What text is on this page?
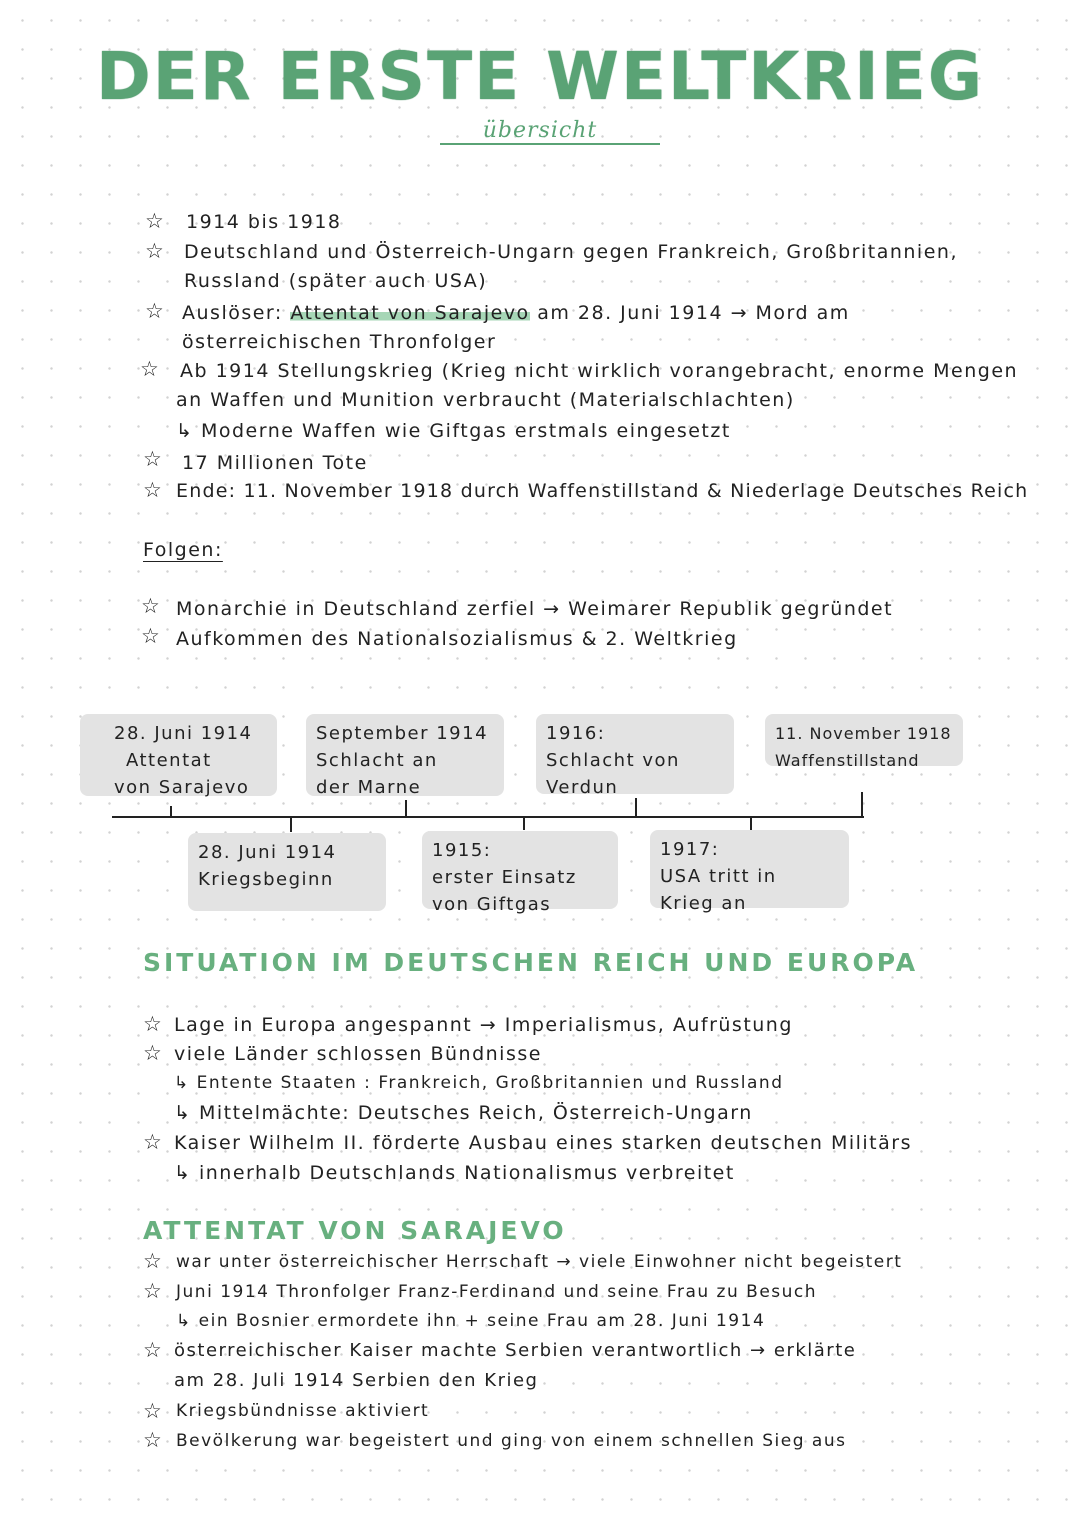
DER ERSTE WELTKRIEG
übersicht
☆ 1914 bis 1918
☆ Deutschland und Österreich-Ungarn gegen Frankreich, Großbritannien,
Russland (später auch USA)
☆ Auslöser: Attentat von Sarajevo am 28. Juni 1914 → Mord am
österreichischen Thronfolger
☆ Ab 1914 Stellungskrieg (Krieg nicht wirklich vorangebracht, enorme Mengen
an Waffen und Munition verbraucht (Materialschlachten)
↳ Moderne Waffen wie Giftgas erstmals eingesetzt
☆ 17 Millionen Tote
☆ Ende: 11. November 1918 durch Waffenstillstand & Niederlage Deutsches Reich
Folgen:
☆ Monarchie in Deutschland zerfiel → Weimarer Republik gegründet
☆ Aufkommen des Nationalsozialismus & 2. Weltkrieg
28. Juni 1914
Attentat
von Sarajevo
September 1914
Schlacht an
der Marne
1916:
Schlacht von
Verdun
11. November 1918
Waffenstillstand
28. Juni 1914
Kriegsbeginn
1915:
erster Einsatz
von Giftgas
1917:
USA tritt in
Krieg an
SITUATION IM DEUTSCHEN REICH UND EUROPA
☆ Lage in Europa angespannt → Imperialismus, Aufrüstung
☆ viele Länder schlossen Bündnisse
↳ Entente Staaten : Frankreich, Großbritannien und Russland
↳ Mittelmächte: Deutsches Reich, Österreich-Ungarn
☆ Kaiser Wilhelm II. förderte Ausbau eines starken deutschen Militärs
↳ innerhalb Deutschlands Nationalismus verbreitet
ATTENTAT VON SARAJEVO
☆ war unter österreichischer Herrschaft → viele Einwohner nicht begeistert
☆ Juni 1914 Thronfolger Franz-Ferdinand und seine Frau zu Besuch
↳ ein Bosnier ermordete ihn + seine Frau am 28. Juni 1914
☆ österreichischer Kaiser machte Serbien verantwortlich → erklärte
am 28. Juli 1914 Serbien den Krieg
☆ Kriegsbündnisse aktiviert
☆ Bevölkerung war begeistert und ging von einem schnellen Sieg aus
